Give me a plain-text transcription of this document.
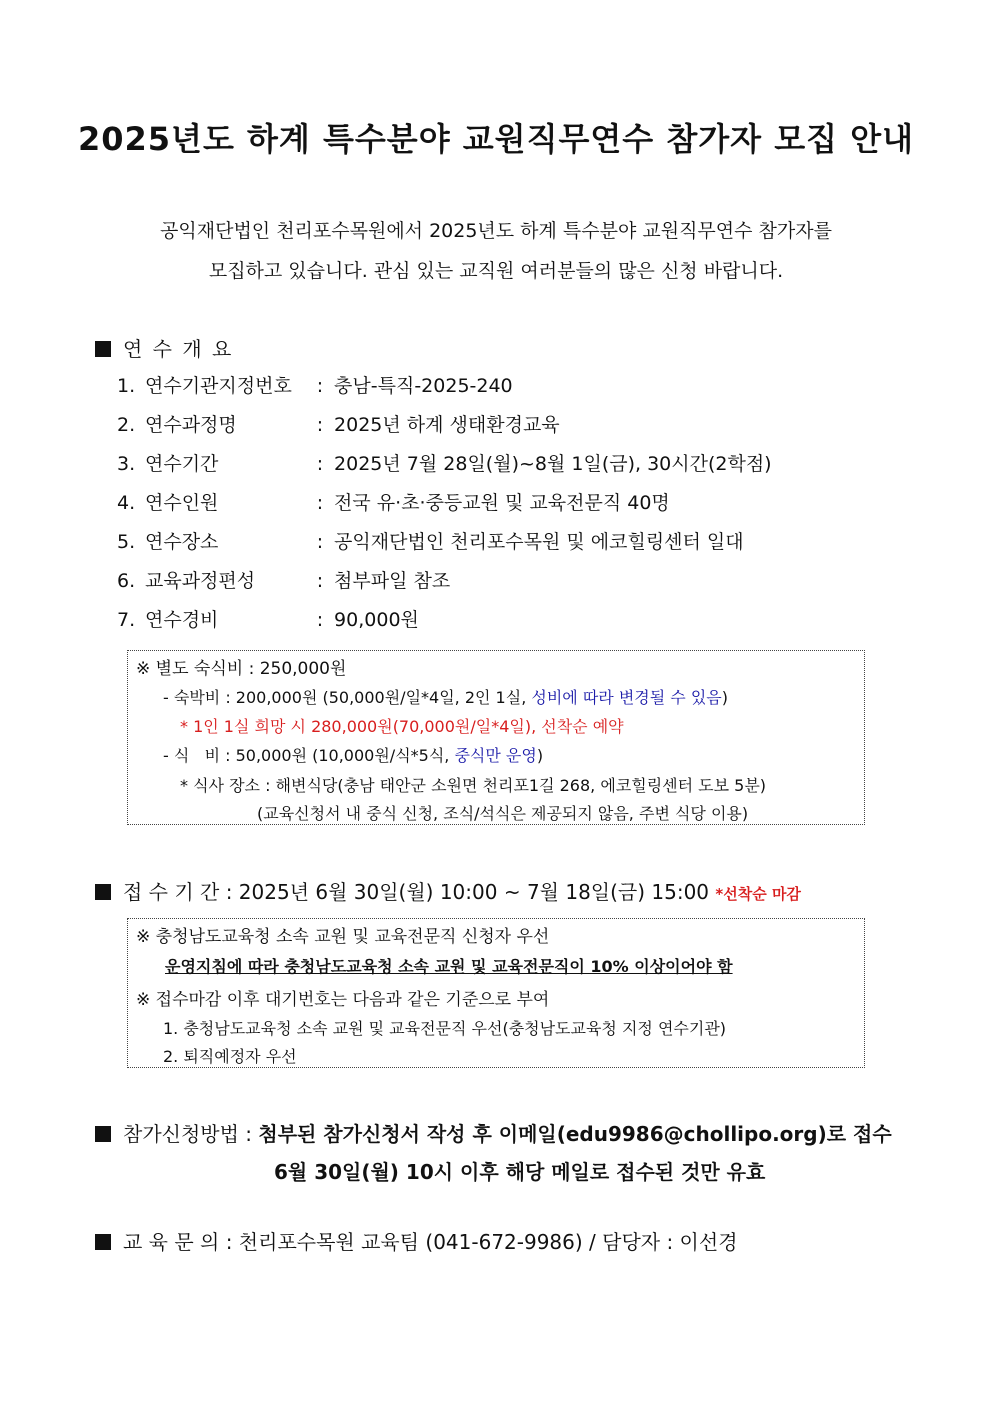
2025년도 하계 특수분야 교원직무연수 참가자 모집 안내
공익재단법인 천리포수목원에서 2025년도 하계 특수분야 교원직무연수 참가자를
모집하고 있습니다. 관심 있는 교직원 여러분들의 많은 신청 바랍니다.
연 수 개 요
1. 연수기관지정번호 : 충남-특직-2025-240
2. 연수과정명	: 2025년 하계 생태환경교육
3. 연수기간	: 2025년 7월 28일(월)~8월 1일(금), 30시간(2학점)
4. 연수인원	: 전국 유·초·중등교원 및 교육전문직 40명
5. 연수장소	: 공익재단법인 천리포수목원 및 에코힐링센터 일대
6. 교육과정편성	: 첨부파일 참조
7. 연수경비	: 90,000원
※ 별도 숙식비 : 250,000원
- 숙박비 : 200,000원 (50,000원/일*4일, 2인 1실, 성비에 따라 변경될 수 있음)
* 1인 1실 희망 시 280,000원(70,000원/일*4일), 선착순 예약
- 식   비 : 50,000원 (10,000원/식*5식, 중식만 운영)
* 식사 장소 : 해변식당(충남 태안군 소원면 천리포1길 268, 에코힐링센터 도보 5분)
(교육신청서 내 중식 신청, 조식/석식은 제공되지 않음, 주변 식당 이용)
접 수 기 간 : 2025년 6월 30일(월) 10:00 ~ 7월 18일(금) 15:00 *선착순 마감
※ 충청남도교육청 소속 교원 및 교육전문직 신청자 우선
운영지침에 따라 충청남도교육청 소속 교원 및 교육전문직이 10% 이상이어야 함
※ 접수마감 이후 대기번호는 다음과 같은 기준으로 부여
1. 충청남도교육청 소속 교원 및 교육전문직 우선(충청남도교육청 지정 연수기관)
2. 퇴직예정자 우선
참가신청방법 : 첨부된 참가신청서 작성 후 이메일(edu9986@chollipo.org)로 접수
6월 30일(월) 10시 이후 해당 메일로 접수된 것만 유효
교 육 문 의 : 천리포수목원 교육팀 (041-672-9986) / 담당자 : 이선경
